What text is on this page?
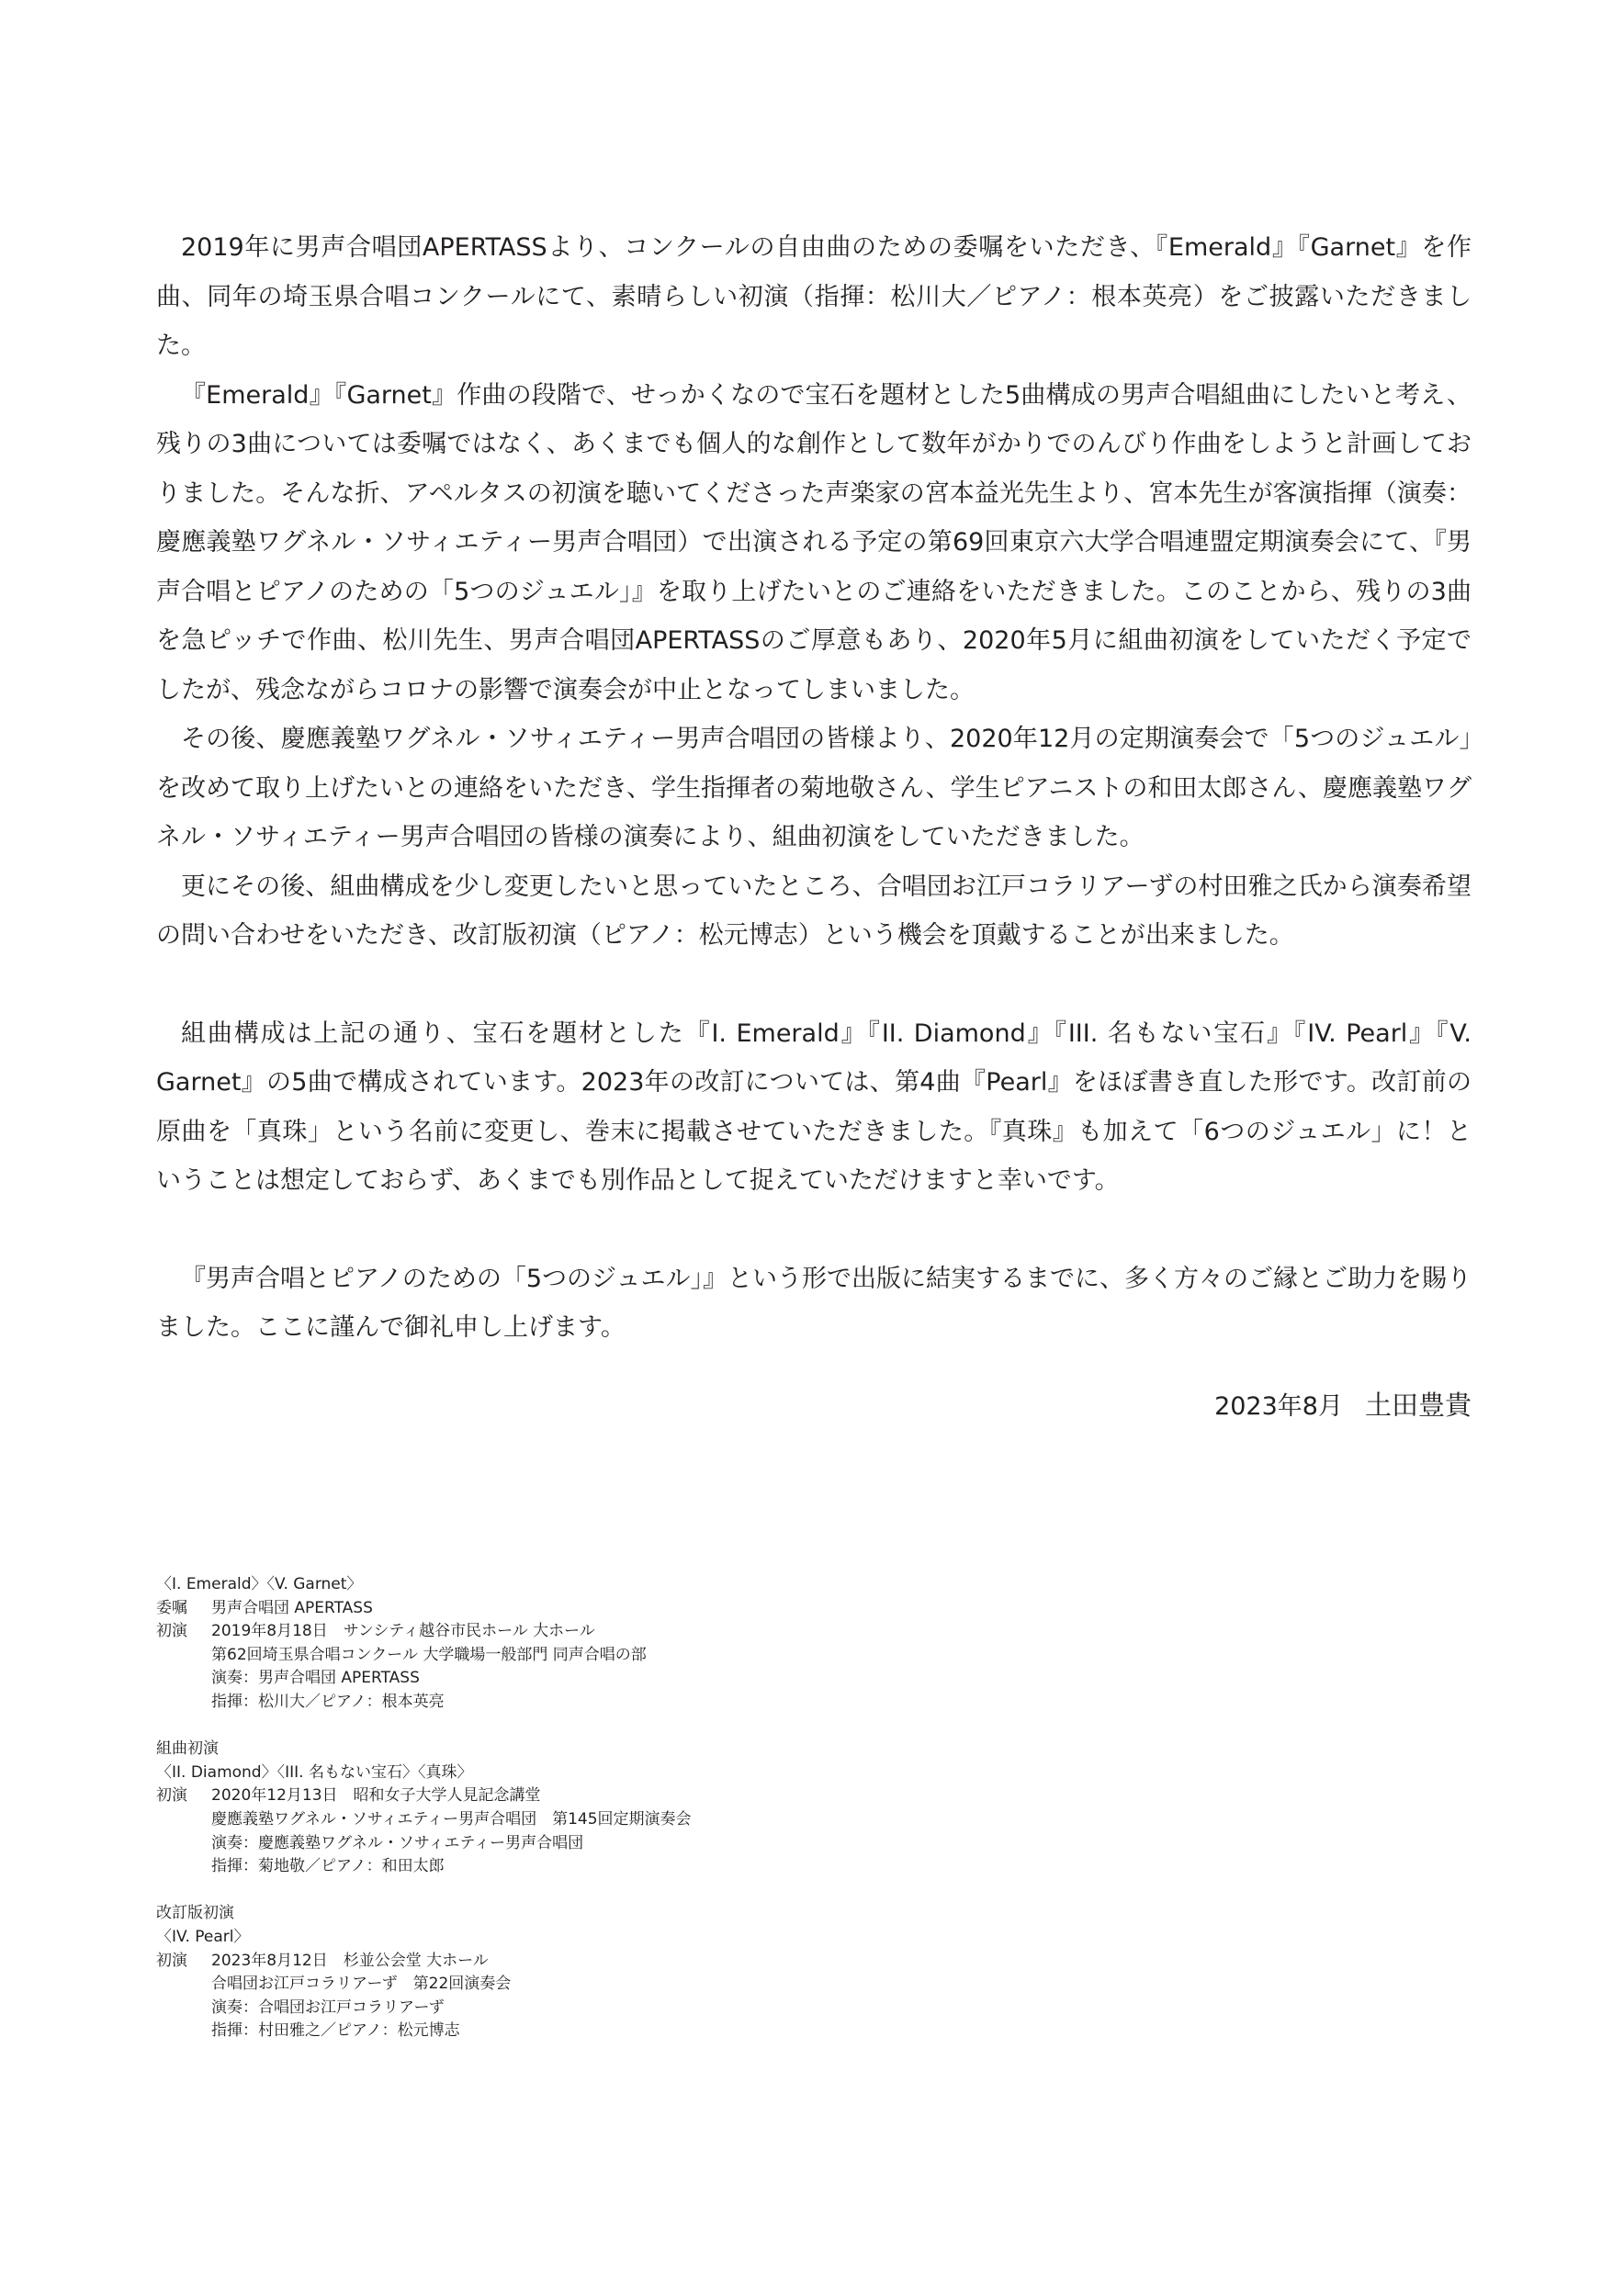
2019年に男声合唱団APERTASSより、コンクールの自由曲のための委嘱をいただき、『Emerald』『Garnet』を作曲、同年の埼玉県合唱コンクールにて、素晴らしい初演（指揮：松川大／ピアノ：根本英亮）をご披露いただきました。

『Emerald』『Garnet』作曲の段階で、せっかくなので宝石を題材とした5曲構成の男声合唱組曲にしたいと考え、残りの3曲については委嘱ではなく、あくまでも個人的な創作として数年がかりでのんびり作曲をしようと計画しておりました。そんな折、アペルタスの初演を聴いてくださった声楽家の宮本益光先生より、宮本先生が客演指揮（演奏：慶應義塾ワグネル・ソサィエティー男声合唱団）で出演される予定の第69回東京六大学合唱連盟定期演奏会にて、『男声合唱とピアノのための「5つのジュエル」』を取り上げたいとのご連絡をいただきました。このことから、残りの3曲を急ピッチで作曲、松川先生、男声合唱団APERTASSのご厚意もあり、2020年5月に組曲初演をしていただく予定でしたが、残念ながらコロナの影響で演奏会が中止となってしまいました。

その後、慶應義塾ワグネル・ソサィエティー男声合唱団の皆様より、2020年12月の定期演奏会で「5つのジュエル」を改めて取り上げたいとの連絡をいただき、学生指揮者の菊地敬さん、学生ピアニストの和田太郎さん、慶應義塾ワグネル・ソサィエティー男声合唱団の皆様の演奏により、組曲初演をしていただきました。

更にその後、組曲構成を少し変更したいと思っていたところ、合唱団お江戸コラリアーずの村田雅之氏から演奏希望の問い合わせをいただき、改訂版初演（ピアノ：松元博志）という機会を頂戴することが出来ました。

組曲構成は上記の通り、宝石を題材とした『I. Emerald』『II. Diamond』『III. 名もない宝石』『IV. Pearl』『V. Garnet』の5曲で構成されています。2023年の改訂については、第4曲『Pearl』をほぼ書き直した形です。改訂前の原曲を「真珠」という名前に変更し、巻末に掲載させていただきました。『真珠』も加えて「6つのジュエル」に！ということは想定しておらず、あくまでも別作品として捉えていただけますと幸いです。

『男声合唱とピアノのための「5つのジュエル」』という形で出版に結実するまでに、多く方々のご縁とご助力を賜りました。ここに謹んで御礼申し上げます。

2023年8月 土田豊貴
〈I. Emerald〉〈V. Garnet〉
委嘱	男声合唱団 APERTASS
初演	2019年8月18日　サンシティ越谷市民ホール 大ホール
第62回埼玉県合唱コンクール 大学職場一般部門 同声合唱の部
演奏：男声合唱団 APERTASS
指揮：松川大／ピアノ：根本英亮
組曲初演
〈II. Diamond〉〈III. 名もない宝石〉〈真珠〉
初演	2020年12月13日　昭和女子大学人見記念講堂
慶應義塾ワグネル・ソサィエティー男声合唱団　第145回定期演奏会
演奏：慶應義塾ワグネル・ソサィエティー男声合唱団
指揮：菊地敬／ピアノ：和田太郎
改訂版初演
〈IV. Pearl〉
初演	2023年8月12日　杉並公会堂 大ホール
合唱団お江戸コラリアーず　第22回演奏会
演奏：合唱団お江戸コラリアーず
指揮：村田雅之／ピアノ：松元博志
